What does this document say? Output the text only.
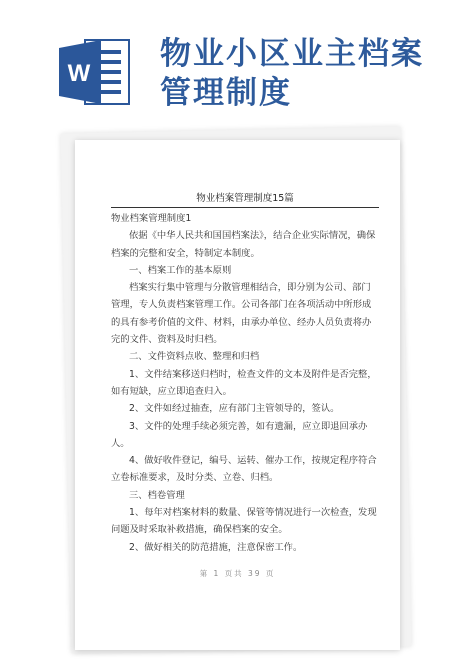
W
物业小区业主档案
管理制度
物业档案管理制度15篇

物业档案管理制度1

依据《中华人民共和国国档案法》，结合企业实际情况，确保档案的完整和安全，特制定本制度。

一、档案工作的基本原则

档案实行集中管理与分散管理相结合，即分别为公司、部门管理，专人负责档案管理工作。公司各部门在各项活动中所形成的具有参考价值的文件、材料，由承办单位、经办人员负责将办完的文件、资料及时归档。

二、文件资料点收、整理和归档

1、文件结案移送归档时，检查文件的文本及附件是否完整，如有短缺，应立即追查归入。

2、文件如经过抽查，应有部门主管领导的，签认。

3、文件的处理手续必须完善，如有遗漏，应立即退回承办人。

4、做好收件登记，编号、运转、催办工作，按规定程序符合立卷标准要求，及时分类、立卷、归档。

三、档卷管理

1、每年对档案材料的数量、保管等情况进行一次检查，发现问题及时采取补救措施，确保档案的安全。

2、做好相关的防范措施，注意保密工作。

第 1 页共 39 页
